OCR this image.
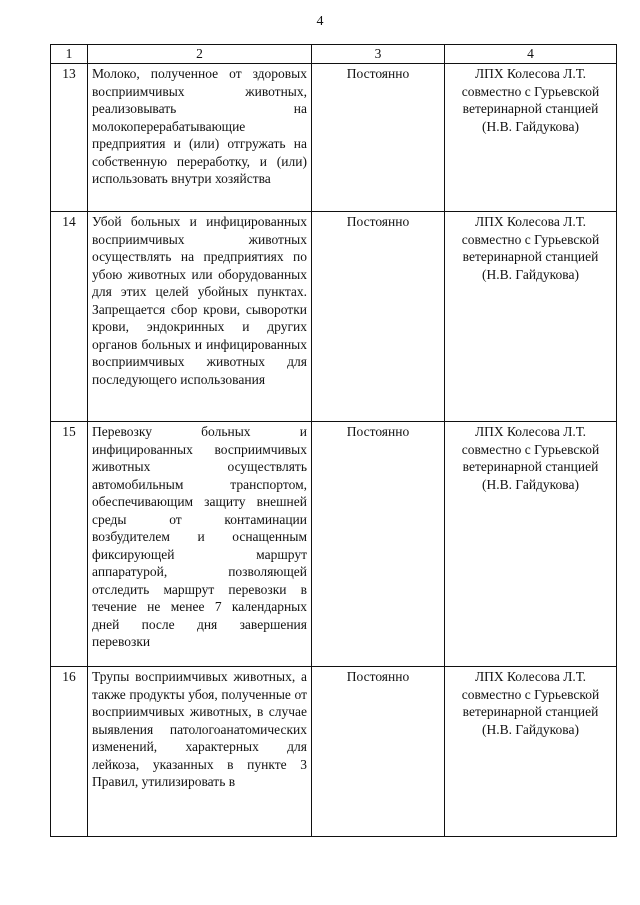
4
1	2	3	4
13	Молоко, полученное от здоровых восприимчивых животных, реализовывать на молокоперерабатывающие предприятия и (или) отгружать на собственную переработку, и (или) использовать внутри хозяйства	Постоянно	ЛПХ Колесова Л.Т. совместно с Гурьевской ветеринарной станцией (Н.В. Гайдукова)
14	Убой больных и инфицированных восприимчивых животных осуществлять на предприятиях по убою животных или оборудованных для этих целей убойных пунктах. Запрещается сбор крови, сыворотки крови, эндокринных и других органов больных и инфицированных восприимчивых животных для последующего использования	Постоянно	ЛПХ Колесова Л.Т. совместно с Гурьевской ветеринарной станцией (Н.В. Гайдукова)
15	Перевозку больных и инфицированных восприимчивых животных осуществлять автомобильным транспортом, обеспечивающим защиту внешней среды от контаминации возбудителем и оснащенным фиксирующей маршрут аппаратурой, позволяющей отследить маршрут перевозки в течение не менее 7 календарных дней после дня завершения перевозки	Постоянно	ЛПХ Колесова Л.Т. совместно с Гурьевской ветеринарной станцией (Н.В. Гайдукова)
16	Трупы восприимчивых животных, а также продукты убоя, полученные от восприимчивых животных, в случае выявления патологоанатомических изменений, характерных для лейкоза, указанных в пункте 3 Правил, утилизировать в	Постоянно	ЛПХ Колесова Л.Т. совместно с Гурьевской ветеринарной станцией (Н.В. Гайдукова)
